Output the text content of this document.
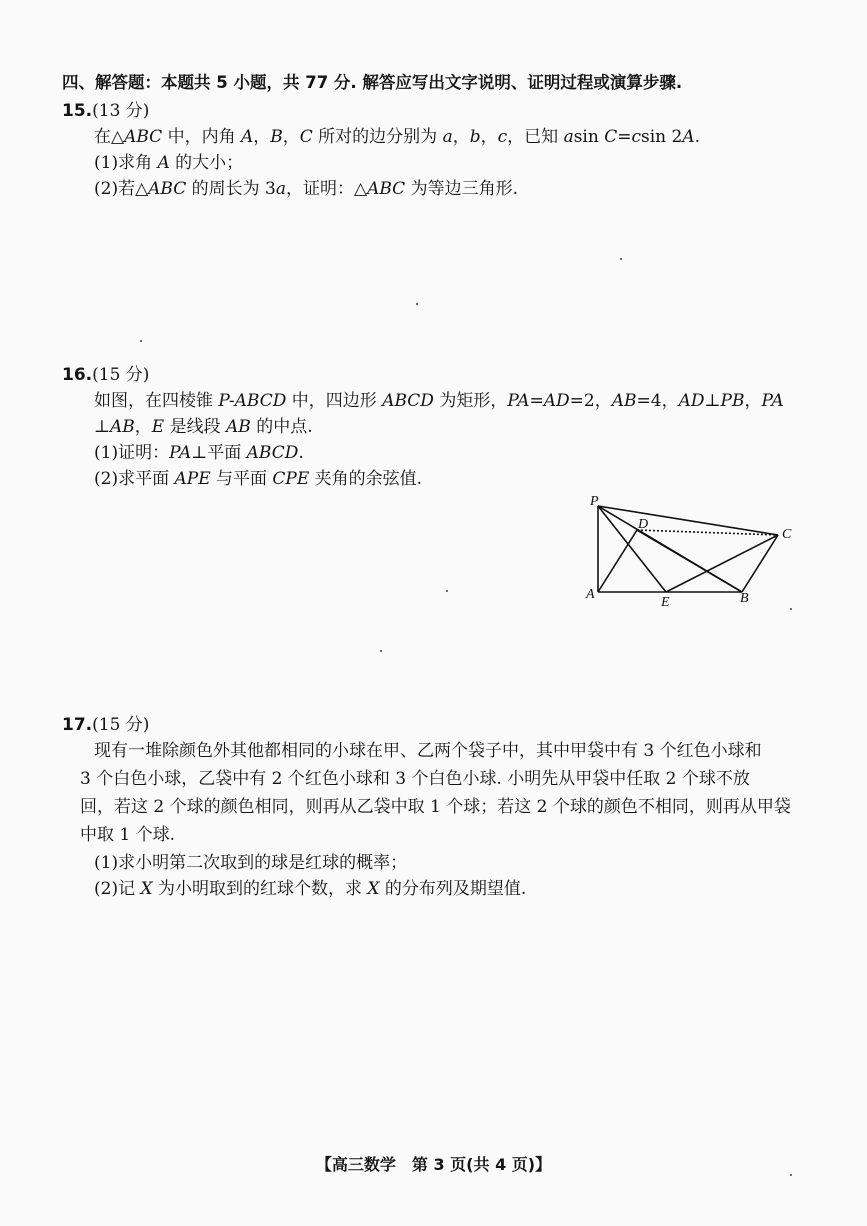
四、解答题：本题共 5 小题，共 77 分. 解答应写出文字说明、证明过程或演算步骤.
15.(13 分)
在△ABC 中，内角 A，B，C 所对的边分别为 a，b，c，已知 asin C=csin 2A.
(1)求角 A 的大小；
(2)若△ABC 的周长为 3a，证明：△ABC 为等边三角形.
16.(15 分)
如图，在四棱锥 P-ABCD 中，四边形 ABCD 为矩形，PA=AD=2，AB=4，AD⊥PB，PA
⊥AB，E 是线段 AB 的中点.
(1)证明：PA⊥平面 ABCD.
(2)求平面 APE 与平面 CPE 夹角的余弦值.
P
D
C
A
E	B
17.(15 分)
现有一堆除颜色外其他都相同的小球在甲、乙两个袋子中，其中甲袋中有 3 个红色小球和
3 个白色小球，乙袋中有 2 个红色小球和 3 个白色小球. 小明先从甲袋中任取 2 个球不放
回，若这 2 个球的颜色相同，则再从乙袋中取 1 个球；若这 2 个球的颜色不相同，则再从甲袋
中取 1 个球.
(1)求小明第二次取到的球是红球的概率；
(2)记 X 为小明取到的红球个数，求 X 的分布列及期望值.
【高三数学　第 3 页(共 4 页)】
